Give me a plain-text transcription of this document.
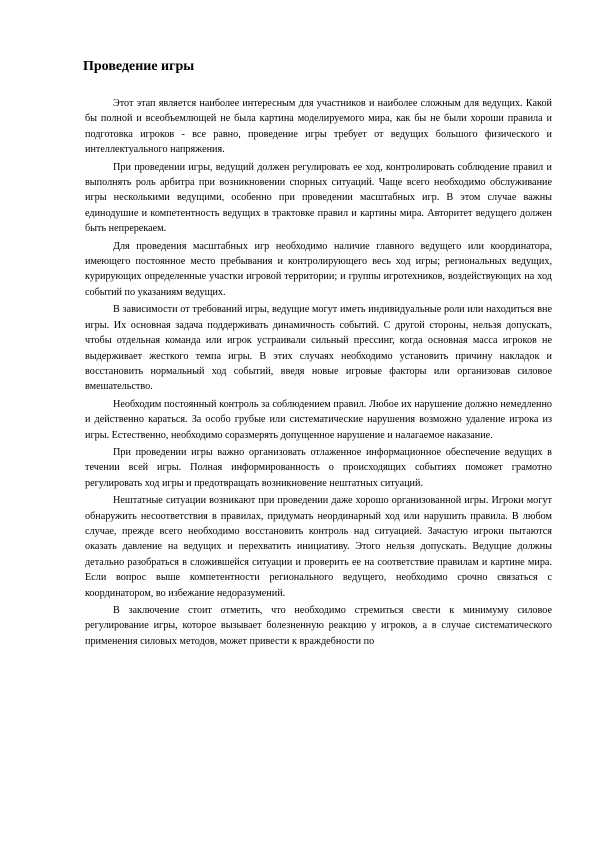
Проведение игры

Этот этап является наиболее интересным для участников и наиболее сложным для ведущих. Какой бы полной и всеобъемлющей не была картина моделируемого мира, как бы не были хороши правила и подготовка игроков - все равно, проведение игры требует от ведущих большого физического и интеллектуального напряжения.

При проведении игры, ведущий должен регулировать ее ход, контролировать соблюдение правил и выполнять роль арбитра при возникновении спорных ситуаций. Чаще всего необходимо обслуживание игры несколькими ведущими, особенно при проведении масштабных игр. В этом случае важны единодушие и компетентность ведущих в трактовке правил и картины мира. Авторитет ведущего должен быть непререкаем.

Для проведения масштабных игр необходимо наличие главного ведущего или координатора, имеющего постоянное место пребывания и контролирующего весь ход игры; региональных ведущих, курирующих определенные участки игровой территории; и группы игротехников, воздействующих на ход событий по указаниям ведущих.

В зависимости от требований игры, ведущие могут иметь индивидуальные роли или находиться вне игры. Их основная задача поддерживать динамичность событий. С другой стороны, нельзя допускать, чтобы отдельная команда или игрок устраивали сильный прессинг, когда основная масса игроков не выдерживает жесткого темпа игры. В этих случаях необходимо установить причину накладок и восстановить нормальный ход событий, введя новые игровые факторы или организовав силовое вмешательство.

Необходим постоянный контроль за соблюдением правил. Любое их нарушение должно немедленно и действенно караться. За особо грубые или систематические нарушения возможно удаление игрока из игры. Естественно, необходимо соразмерять допущенное нарушение и налагаемое наказание.

При проведении игры важно организовать отлаженное информационное обеспечение ведущих в течении всей игры. Полная информированность о происходящих событиях поможет грамотно регулировать ход игры и предотвращать возникновение нештатных ситуаций.

Нештатные ситуации возникают при проведении даже хорошо организованной игры. Игроки могут обнаружить несоответствия в правилах, придумать неординарный ход или нарушить правила. В любом случае, прежде всего необходимо восстановить контроль над ситуацией. Зачастую игроки пытаются оказать давление на ведущих и перехватить инициативу. Этого нельзя допускать. Ведущие должны детально разобраться в сложившейся ситуации и проверить ее на соответствие правилам и картине мира. Если вопрос выше компетентности регионального ведущего, необходимо срочно связаться с координатором, во избежание недоразумений.

В заключение стоит отметить, что необходимо стремиться свести к минимуму силовое регулирование игры, которое вызывает болезненную реакцию у игроков, а в случае систематического применения силовых методов, может привести к враждебности по
